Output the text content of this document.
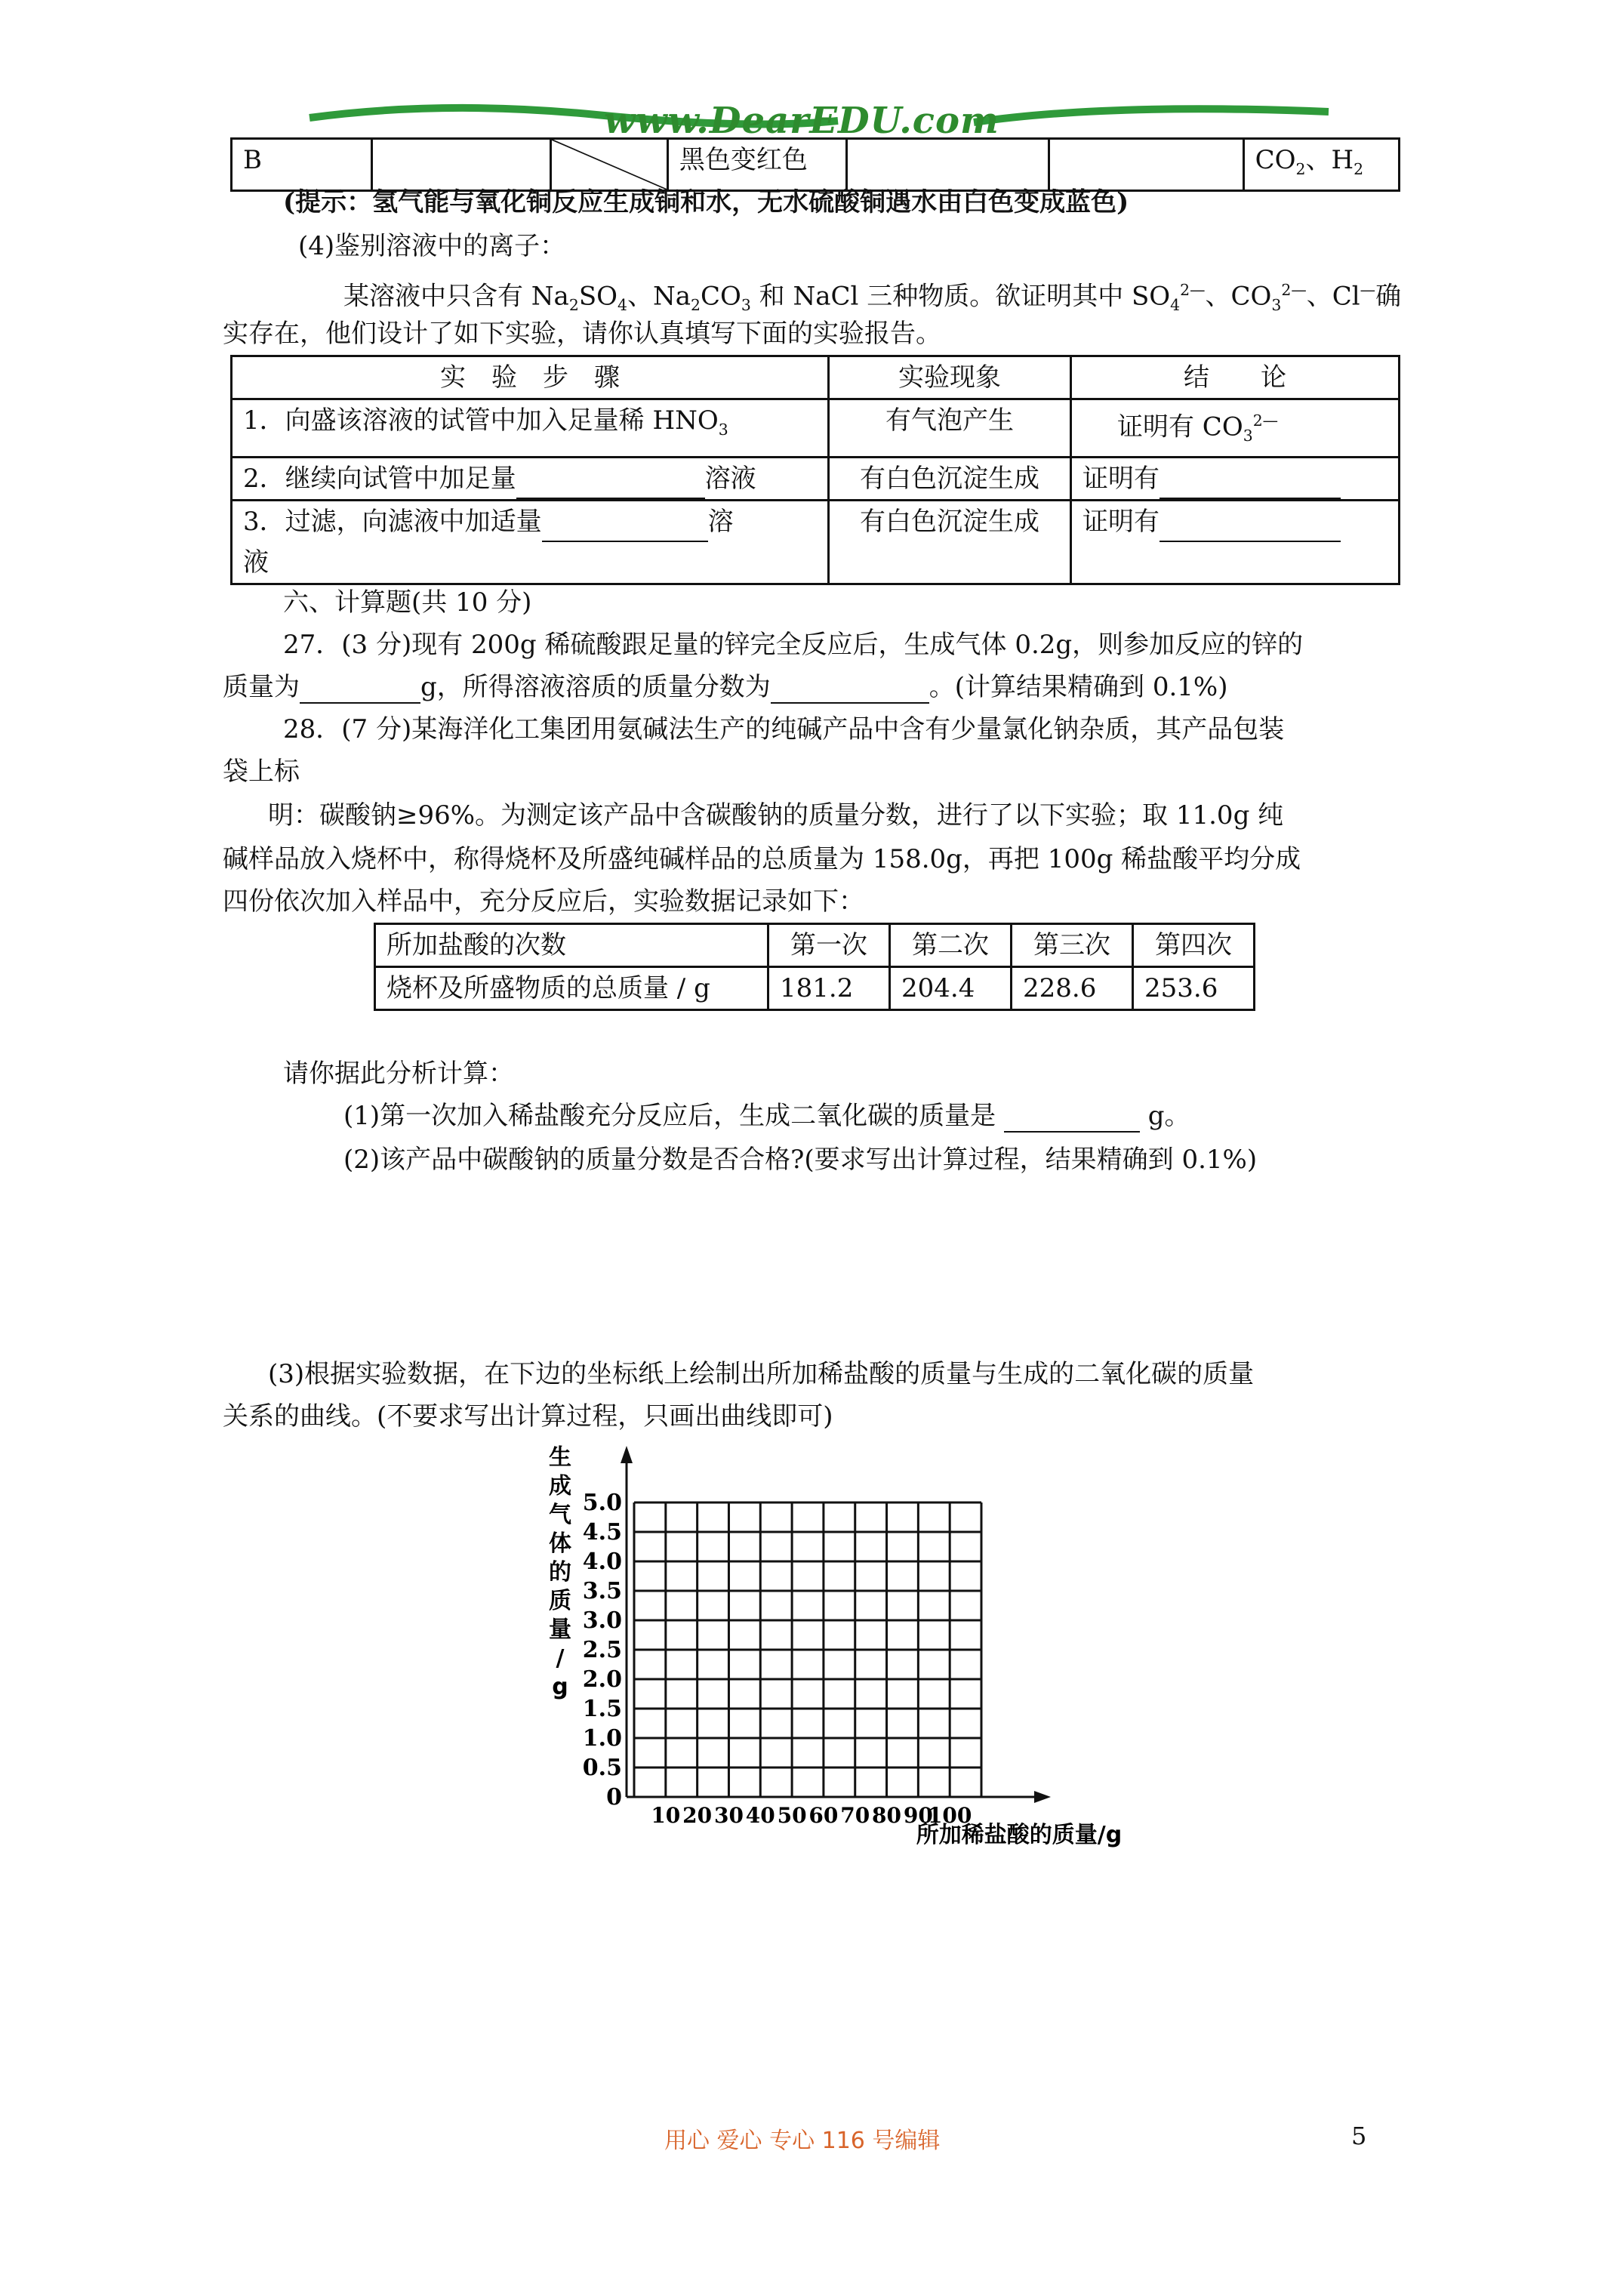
www.DearEDU.com
B			黑色变红色			$CO_2$、$H_2$
(提示：氢气能与氧化铜反应生成铜和水，无水硫酸铜遇水由白色变成蓝色)
(4)鉴别溶液中的离子：
某溶液中只含有 $Na_2SO_4$、$Na_2CO_3$ 和 NaCl 三种物质。欲证明其中 $SO_4^{2—}$、$CO_3^{2—}$、Cl—确
实存在，他们设计了如下实验，请你认真填写下面的实验报告。
实　验　步　骤	实验现象	结　　论
1．向盛该溶液的试管中加入足量稀 $HNO_3$	有气泡产生	证明有 $CO_3^{2—}$
2．继续向试管中加足量 溶液	有白色沉淀生成	证明有
3．过滤，向滤液中加适量 溶
液	有白色沉淀生成	证明有
六、计算题(共 10 分)
27．(3 分)现有 200g 稀硫酸跟足量的锌完全反应后，生成气体 0.2g，则参加反应的锌的
质量为	g，所得溶液溶质的质量分数为	。(计算结果精确到 0.1%)
28．(7 分)某海洋化工集团用氨碱法生产的纯碱产品中含有少量氯化钠杂质，其产品包装
袋上标
明：碳酸钠≥96%。为测定该产品中含碳酸钠的质量分数，进行了以下实验；取 11.0g 纯
碱样品放入烧杯中，称得烧杯及所盛纯碱样品的总质量为 158.0g，再把 100g 稀盐酸平均分成
四份依次加入样品中，充分反应后，实验数据记录如下：
所加盐酸的次数	第一次	第二次	第三次	第四次
烧杯及所盛物质的总质量 / g	181.2	204.4	228.6	253.6
请你据此分析计算：
(1)第一次加入稀盐酸充分反应后，生成二氧化碳的质量是	g。
(2)该产品中碳酸钠的质量分数是否合格?(要求写出计算过程，结果精确到 0.1%)
(3)根据实验数据，在下边的坐标纸上绘制出所加稀盐酸的质量与生成的二氧化碳的质量
关系的曲线。(不要求写出计算过程，只画出曲线即可)
0
0.5
1.0
1.5
2.0
2.5
3.0
3.5
4.0
4.5
5.0
10 20 30 40 50 60 70 80 90
100
生
成
气
体
的
质
量
/
g
所加稀盐酸的质量/g
用心 爱心 专心 116 号编辑	5
